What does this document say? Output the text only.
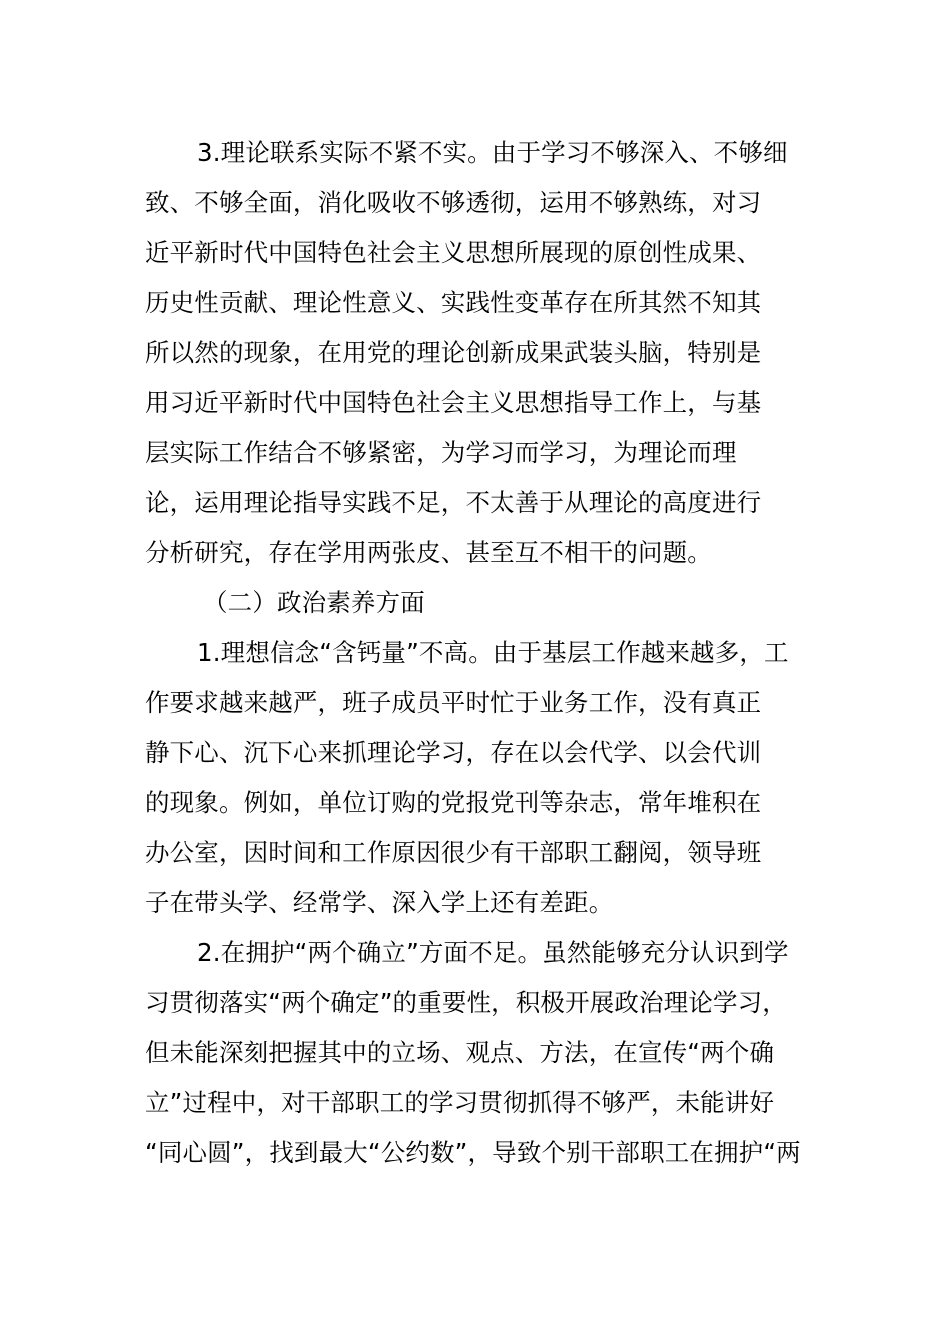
3.理论联系实际不紧不实。由于学习不够深入、不够细
致、不够全面，消化吸收不够透彻，运用不够熟练，对习
近平新时代中国特色社会主义思想所展现的原创性成果、
历史性贡献、理论性意义、实践性变革存在所其然不知其
所以然的现象，在用党的理论创新成果武装头脑，特别是
用习近平新时代中国特色社会主义思想指导工作上，与基
层实际工作结合不够紧密，为学习而学习，为理论而理
论，运用理论指导实践不足，不太善于从理论的高度进行
分析研究，存在学用两张皮、甚至互不相干的问题。
（二）政治素养方面
1.理想信念“含钙量”不高。由于基层工作越来越多，工
作要求越来越严，班子成员平时忙于业务工作，没有真正
静下心、沉下心来抓理论学习，存在以会代学、以会代训
的现象。例如，单位订购的党报党刊等杂志，常年堆积在
办公室，因时间和工作原因很少有干部职工翻阅，领导班
子在带头学、经常学、深入学上还有差距。
2.在拥护“两个确立”方面不足。虽然能够充分认识到学
习贯彻落实“两个确定”的重要性，积极开展政治理论学习，
但未能深刻把握其中的立场、观点、方法，在宣传“两个确
立”过程中，对干部职工的学习贯彻抓得不够严，未能讲好
“同心圆”，找到最大“公约数”，导致个别干部职工在拥护“两
